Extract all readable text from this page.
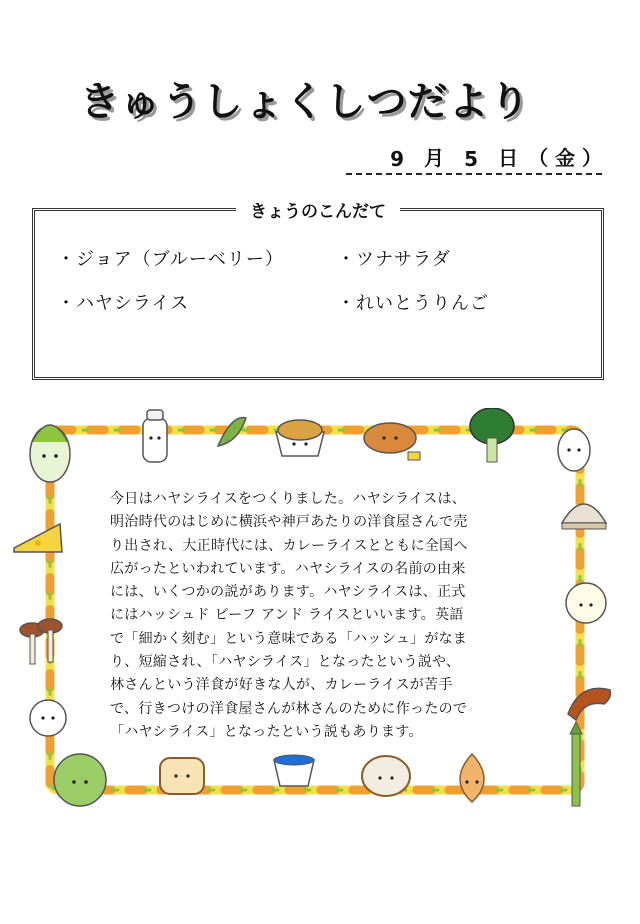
きゅうしょくしつだより
9	月	5	日 （ 金 ）
きょうのこんだて
・ジョア（ブルーベリー）	・ツナサラダ
・ハヤシライス	・れいとうりんご

今日はハヤシライスをつくりました。ハヤシライスは、

明治時代のはじめに横浜や神戸あたりの洋食屋さんで売

り出され、大正時代には、カレーライスとともに全国へ

広がったといわれています。ハヤシライスの名前の由来

には、いくつかの説があります。ハヤシライスは、正式

にはハッシュド ビーフ アンド ライスといいます。英語

で「細かく刻む」という意味である「ハッシュ」がなま

り、短縮され、「ハヤシライス」となったという説や、

林さんという洋食が好きな人が、カレーライスが苦手

で、行きつけの洋食屋さんが林さんのために作ったので

「ハヤシライス」となったという説もあります。
